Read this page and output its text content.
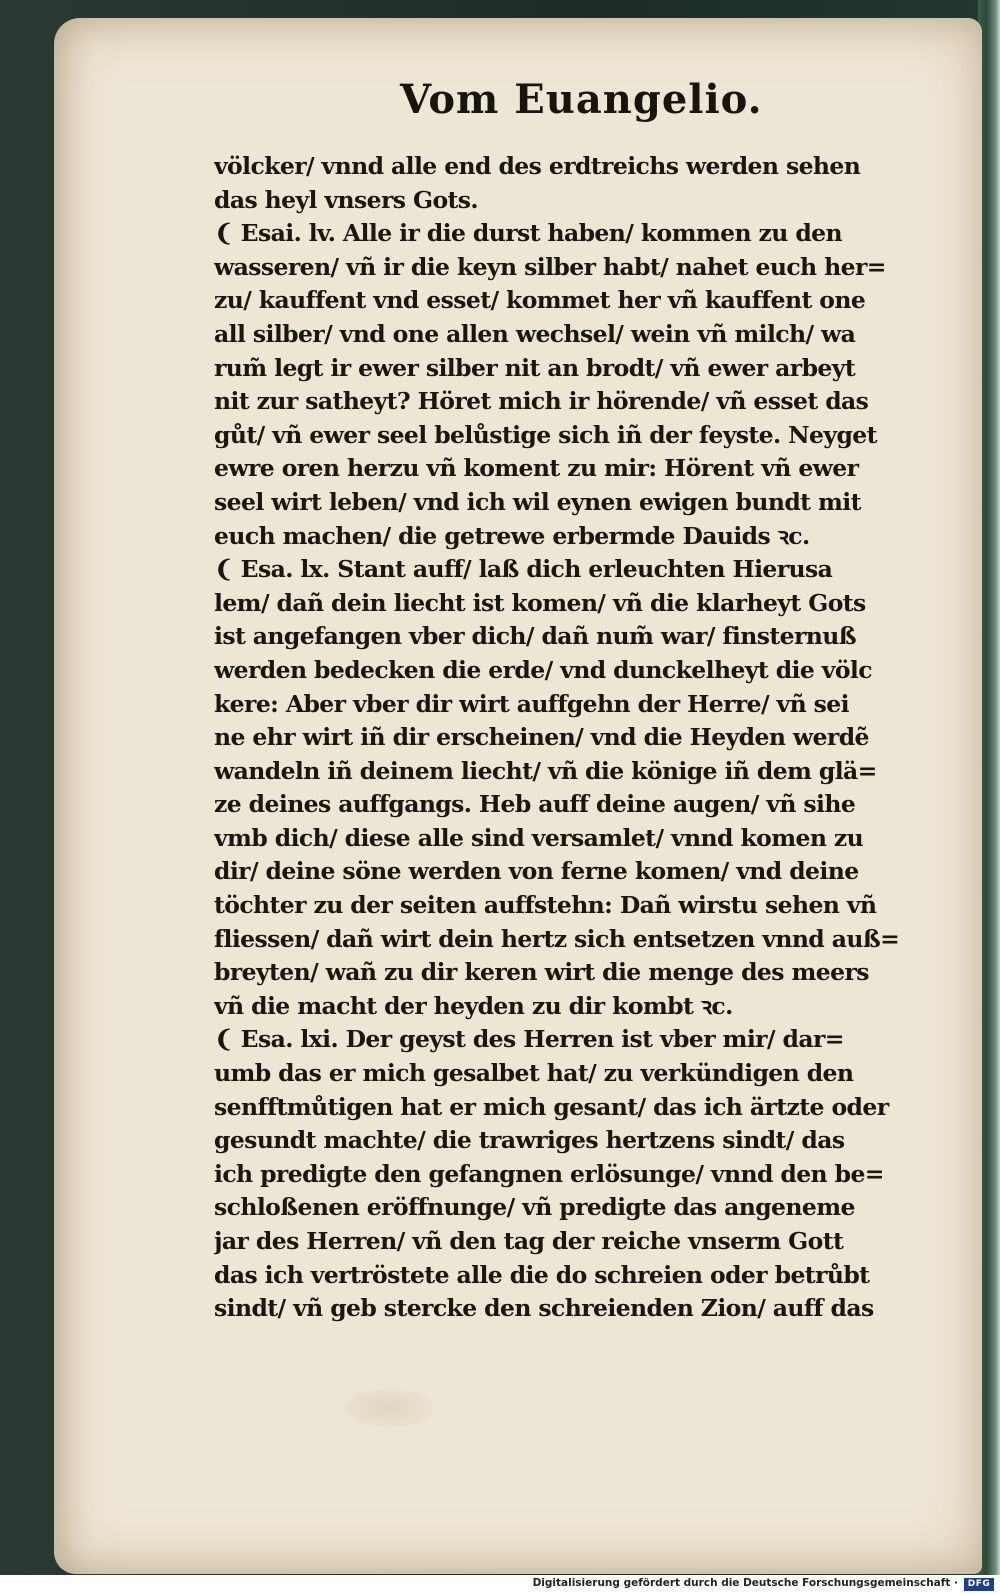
Vom Euangelio.
völcker/ vnnd alle end des erdtreichs werden sehen
das heyl vnsers Gots.
❨ Esai. lv. Alle ir die durst haben/ kommen zu den
wasseren/ vñ ir die keyn silber habt/ nahet euch her=
zu/ kauffent vnd esset/ kommet her vñ kauffent one
all silber/ vnd one allen wechsel/ wein vñ milch/ wa
rum̃ legt ir ewer silber nit an brodt/ vñ ewer arbeyt
nit zur satheyt? Höret mich ir hörende/ vñ esset das
gůt/ vñ ewer seel belůstige sich iñ der feyste. Neyget
ewre oren herzu vñ koment zu mir: Hörent vñ ewer
seel wirt leben/ vnd ich wil eynen ewigen bundt mit
euch machen/ die getrewe erbermde Dauids ꝛc.
❨ Esa. lx. Stant auff/ laß dich erleuchten Hierusa
lem/ dañ dein liecht ist komen/ vñ die klarheyt Gots
ist angefangen vber dich/ dañ num̃ war/ finsternuß
werden bedecken die erde/ vnd dunckelheyt die völc
kere: Aber vber dir wirt auffgehn der Herre/ vñ sei
ne ehr wirt iñ dir erscheinen/ vnd die Heyden werdẽ
wandeln iñ deinem liecht/ vñ die könige iñ dem glä=
ze deines auffgangs. Heb auff deine augen/ vñ sihe
vmb dich/ diese alle sind versamlet/ vnnd komen zu
dir/ deine söne werden von ferne komen/ vnd deine
töchter zu der seiten auffstehn: Dañ wirstu sehen vñ
fliessen/ dañ wirt dein hertz sich entsetzen vnnd auß=
breyten/ wañ zu dir keren wirt die menge des meers
vñ die macht der heyden zu dir kombt ꝛc.
❨ Esa. lxi. Der geyst des Herren ist vber mir/ dar=
umb das er mich gesalbet hat/ zu verkündigen den
senfftmůtigen hat er mich gesant/ das ich ärtzte oder
gesundt machte/ die trawriges hertzens sindt/ das
ich predigte den gefangnen erlösunge/ vnnd den be=
schloßenen eröffnunge/ vñ predigte das angeneme
jar des Herren/ vñ den tag der reiche vnserm Gott
das ich vertröstete alle die do schreien oder betrůbt
sindt/ vñ geb stercke den schreienden Zion/ auff das
Digitalisierung gefördert durch die Deutsche Forschungsgemeinschaft ·	DFG
